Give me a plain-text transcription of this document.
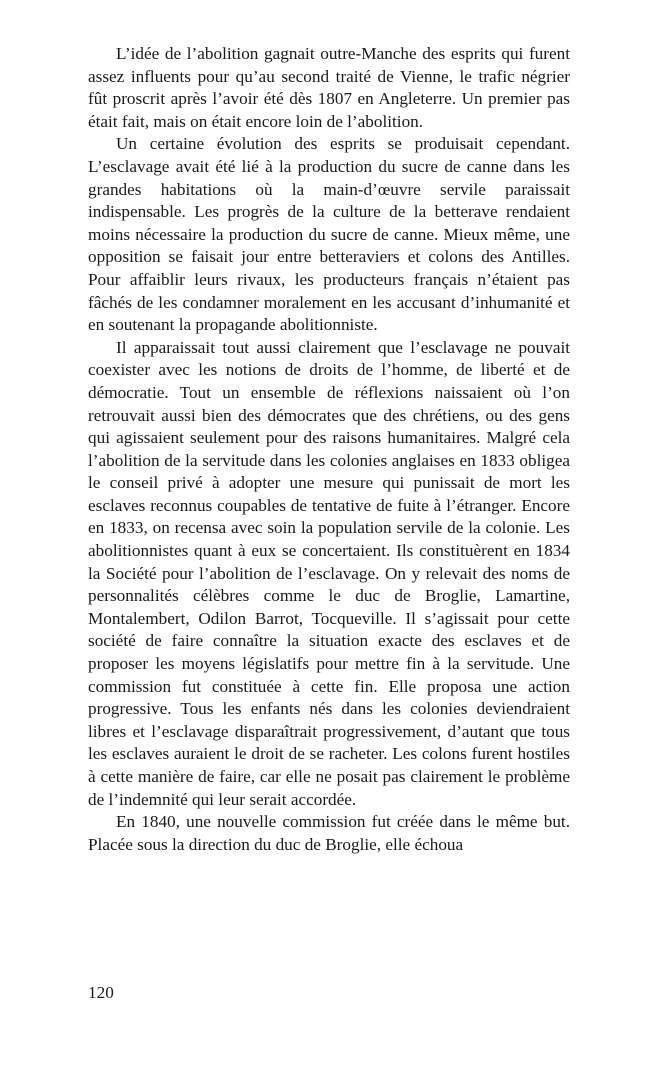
L’idée de l’abolition gagnait outre-Manche des esprits qui furent assez influents pour qu’au second traité de Vienne, le trafic négrier fût proscrit après l’avoir été dès 1807 en Angleterre. Un premier pas était fait, mais on était encore loin de l’abolition.

Un certaine évolution des esprits se produisait cependant. L’esclavage avait été lié à la production du sucre de canne dans les grandes habitations où la main-d’œuvre servile paraissait indispensable. Les progrès de la culture de la betterave rendaient moins nécessaire la production du sucre de canne. Mieux même, une opposition se faisait jour entre betteraviers et colons des Antilles. Pour affaiblir leurs rivaux, les producteurs français n’étaient pas fâchés de les condamner moralement en les accusant d’inhumanité et en soutenant la propagande abolitionniste.

Il apparaissait tout aussi clairement que l’esclavage ne pouvait coexister avec les notions de droits de l’homme, de liberté et de démocratie. Tout un ensemble de réflexions naissaient où l’on retrouvait aussi bien des démocrates que des chrétiens, ou des gens qui agissaient seulement pour des raisons humanitaires. Malgré cela l’abolition de la servitude dans les colonies anglaises en 1833 obligea le conseil privé à adopter une mesure qui punissait de mort les esclaves reconnus coupables de tentative de fuite à l’étranger. Encore en 1833, on recensa avec soin la population servile de la colonie. Les abolitionnistes quant à eux se concertaient. Ils constituèrent en 1834 la Société pour l’abolition de l’esclavage. On y relevait des noms de personnalités célèbres comme le duc de Broglie, Lamartine, Montalembert, Odilon Barrot, Tocqueville. Il s’agissait pour cette société de faire connaître la situation exacte des esclaves et de proposer les moyens législatifs pour mettre fin à la servitude. Une commission fut constituée à cette fin. Elle proposa une action progressive. Tous les enfants nés dans les colonies deviendraient libres et l’esclavage disparaîtrait progressivement, d’autant que tous les esclaves auraient le droit de se racheter. Les colons furent hostiles à cette manière de faire, car elle ne posait pas clairement le problème de l’indemnité qui leur serait accordée.

En 1840, une nouvelle commission fut créée dans le même but. Placée sous la direction du duc de Broglie, elle échoua

120
